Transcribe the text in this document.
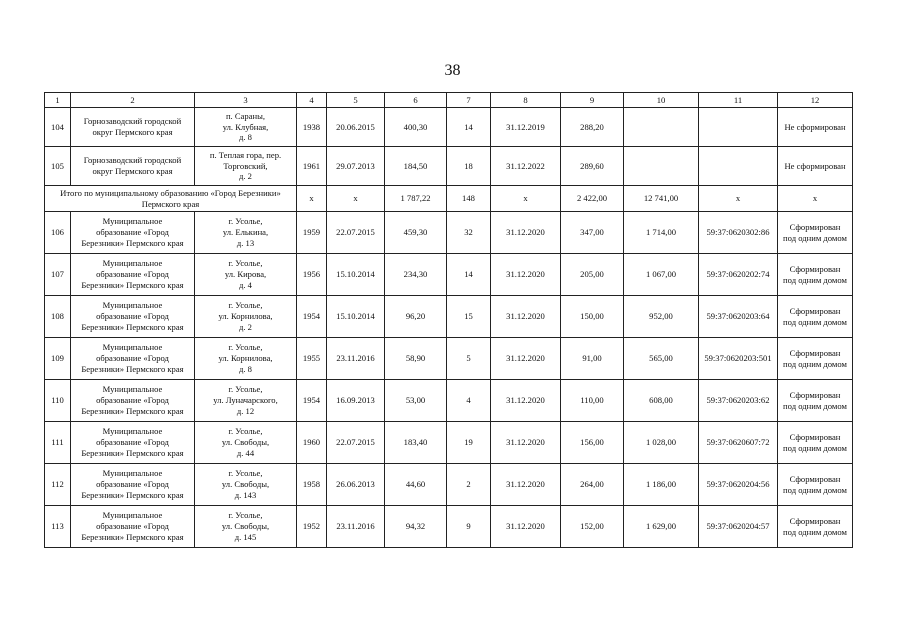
38
1	2	3	4	5	6	7	8	9	10	11	12

104	Горнозаводский городской
округ Пермского края	п. Сараны,
ул. Клубная,
д. 8	1938	20.06.2015	400,30	14	31.12.2019	288,20			Не сформирован

105	Горнозаводский городской
округ Пермского края	п. Теплая гора, пер.
Торговский,
д. 2	1961	29.07.2013	184,50	18	31.12.2022	289,60			Не сформирован

Итого по муниципальному образованию «Город Березники»
Пермского края			x	x	1 787,22	148	x	2 422,00	12 741,00	x	x

106	Муниципальное
образование «Город
Березники» Пермского края	г. Усолье,
ул. Елькина,
д. 13	1959	22.07.2015	459,30	32	31.12.2020	347,00	1 714,00	59:37:0620302:86	Сформирован
под одним домом

107	Муниципальное
образование «Город
Березники» Пермского края	г. Усолье,
ул. Кирова,
д. 4	1956	15.10.2014	234,30	14	31.12.2020	205,00	1 067,00	59:37:0620202:74	Сформирован
под одним домом

108	Муниципальное
образование «Город
Березники» Пермского края	г. Усолье,
ул. Корнилова,
д. 2	1954	15.10.2014	96,20	15	31.12.2020	150,00	952,00	59:37:0620203:64	Сформирован
под одним домом

109	Муниципальное
образование «Город
Березники» Пермского края	г. Усолье,
ул. Корнилова,
д. 8	1955	23.11.2016	58,90	5	31.12.2020	91,00	565,00	59:37:0620203:501	Сформирован
под одним домом

110	Муниципальное
образование «Город
Березники» Пермского края	г. Усолье,
ул. Луначарского,
д. 12	1954	16.09.2013	53,00	4	31.12.2020	110,00	608,00	59:37:0620203:62	Сформирован
под одним домом

111	Муниципальное
образование «Город
Березники» Пермского края	г. Усолье,
ул. Свободы,
д. 44	1960	22.07.2015	183,40	19	31.12.2020	156,00	1 028,00	59:37:0620607:72	Сформирован
под одним домом

112	Муниципальное
образование «Город
Березники» Пермского края	г. Усолье,
ул. Свободы,
д. 143	1958	26.06.2013	44,60	2	31.12.2020	264,00	1 186,00	59:37:0620204:56	Сформирован
под одним домом

113	Муниципальное
образование «Город
Березники» Пермского края	г. Усолье,
ул. Свободы,
д. 145	1952	23.11.2016	94,32	9	31.12.2020	152,00	1 629,00	59:37:0620204:57	Сформирован
под одним домом
